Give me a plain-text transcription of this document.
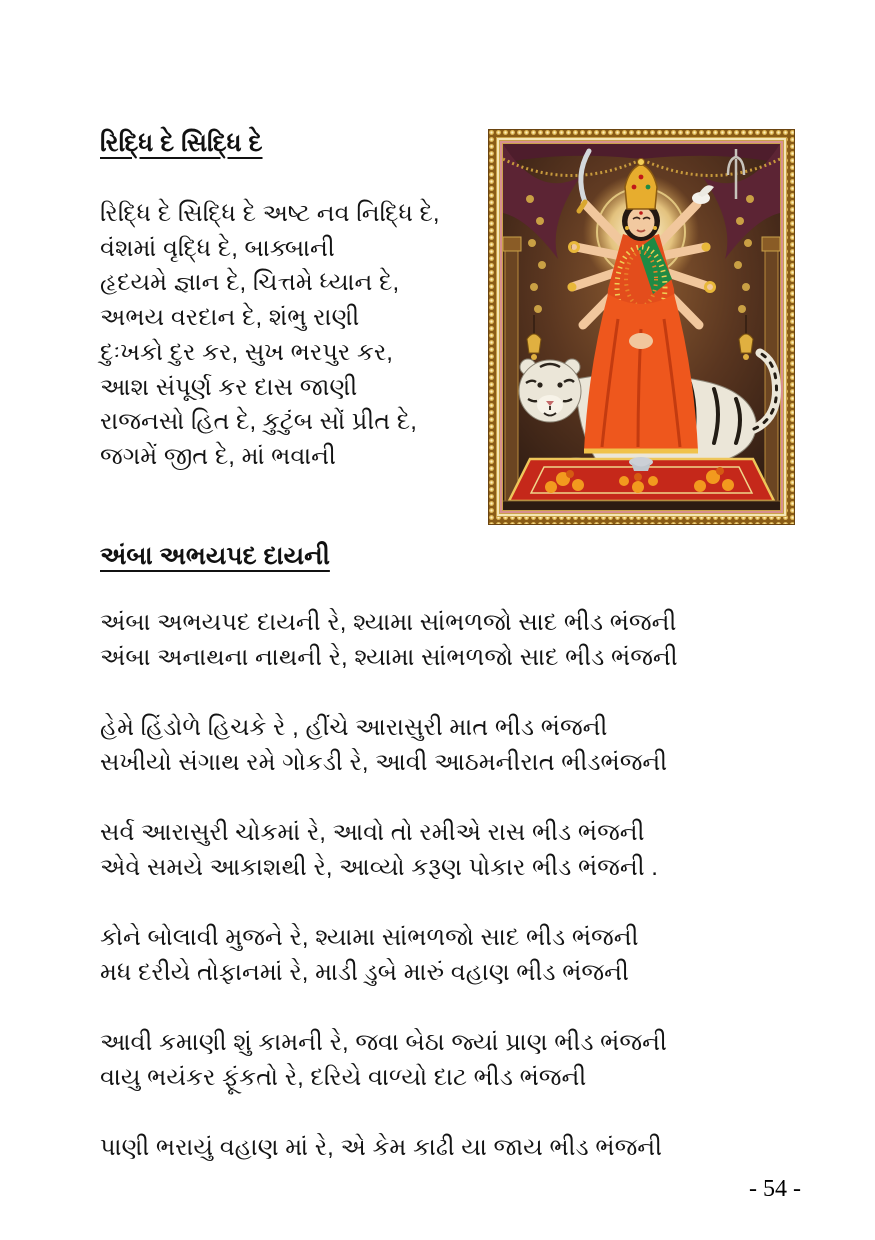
રિદ્ધિ દે સિદ્ધિ દે
રિદ્ધિ દે સિદ્ધિ દે અષ્ટ નવ નિદ્ધિ દે,
વંશમાં વૃદ્ધિ દે, બાક્બાની
હૃદયમે જ્ઞાન દે, ચિત્તમે ધ્યાન દે,
અભય વરદાન દે, શંભુ રાણી
દુઃખકો દુર કર, સુખ ભરપુર કર,
આશ સંપૂર્ણ કર દાસ જાણી
રાજનસો હિત દે, કુટુંબ સોં પ્રીત દે,
જગમેં જીત દે, માં ભવાની
અંબા અભયપદ દાયની
અંબા અભયપદ દાયની રે, શ્યામા સાંભળજો સાદ ભીડ ભંજની
અંબા અનાથના નાથની રે, શ્યામા સાંભળજો સાદ ભીડ ભંજની
હેમે હિંડોળે હિચકે રે , હીંચે આરાસુરી માત ભીડ ભંજની
સખીયો સંગાથ રમે ગોકડી રે, આવી આઠમનીરાત ભીડભંજની
સર્વ આરાસુરી ચોકમાં રે, આવો તો રમીએ રાસ ભીડ ભંજની
એવે સમયે આકાશથી રે, આવ્યો કરૂણ પોકાર ભીડ ભંજની .
કોને બોલાવી મુજને રે, શ્યામા સાંભળજો સાદ ભીડ ભંજની
મધ દરીયે તોફાનમાં રે, માડી ડુબે મારું વહાણ ભીડ ભંજની
આવી કમાણી શું કામની રે, જવા બેઠા જ્યાં પ્રાણ ભીડ ભંજની
વાયુ ભયંકર ફૂંકતો રે, દરિયે વાળ્યો દાટ ભીડ ભંજની
પાણી ભરાયું વહાણ માં રે, એ કેમ કાઢી યા જાય ભીડ ભંજની
- 54 -
